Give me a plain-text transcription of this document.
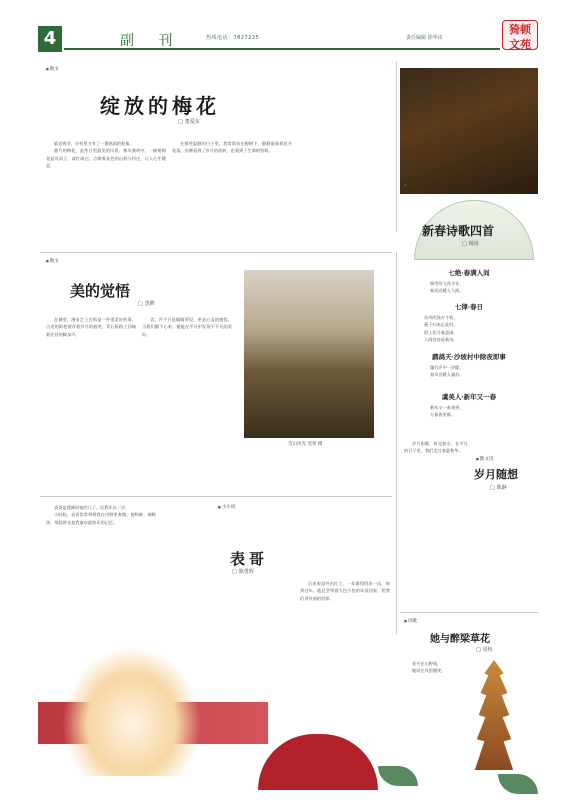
4	副 刊	热线电话：7827225	责任编辑 徐华由
猗顿
文苑
■ 散文
绽放的梅花
□ 董爱东

临近春节，乡村里又有了一番热闹的景象。

腊月的梅花，是冬日里最美的风景。寒风凛冽中，一树树梅花迎风而立，或红或白，点缀着灰色的山野与村庄，让人心生暖意。

在那些寂静的日子里，我常常站在梅树下，静静地看着花开花落，仿佛看到了岁月的流转，也看到了生命的坚韧。

■ 诗词
新春诗歌四首
□ 杨琼
七绝·春满人间
瑞雪纷飞兆丰年，
春风送暖入人间。
七律·春日
东风吹绿万千枝，
燕子归来正此时。
陌上花开春意闹，
人间处处是新诗。
鹧鸪天·沙坡村中除夜即事
爆竹声中一岁除，
春风送暖入屠苏。
虞美人·新年又一春
新年又一春来到，
万象皆更新。
■ 散文
美的觉悟
□ 黑眸

在城里，漫步走上古街是一件很美好的事。古老的街巷留存着岁月的痕迹，青石板路上回响着往昔的脚步声。

美，并不只是眼睛所见，更是心灵的感悟。当我们静下心来，便能在平凡中发现不平凡的美好。

雪山风光 茂荣 摄
■ 散文诗
岁月随想
□ 陈静

岁月如歌，时光如水。在平凡的日子里，我们走过春夏秋冬。

■ 小小说
表哥
□ 陈勇辉

表哥是我姨妈家的儿子，比我年长一岁。

小时候，表哥常常带着我在田野里奔跑，捉蚂蚱，摘野果，那段时光是我童年最快乐的记忆。

后来表哥外出打工，一年难得回来一次。每到过年，他总会带着大包小包的年货回家，给我们讲外面的世界。

■ 诗歌
她与醉梁草花
□ 周恒
花开在山野间，
她站在风里微笑。
